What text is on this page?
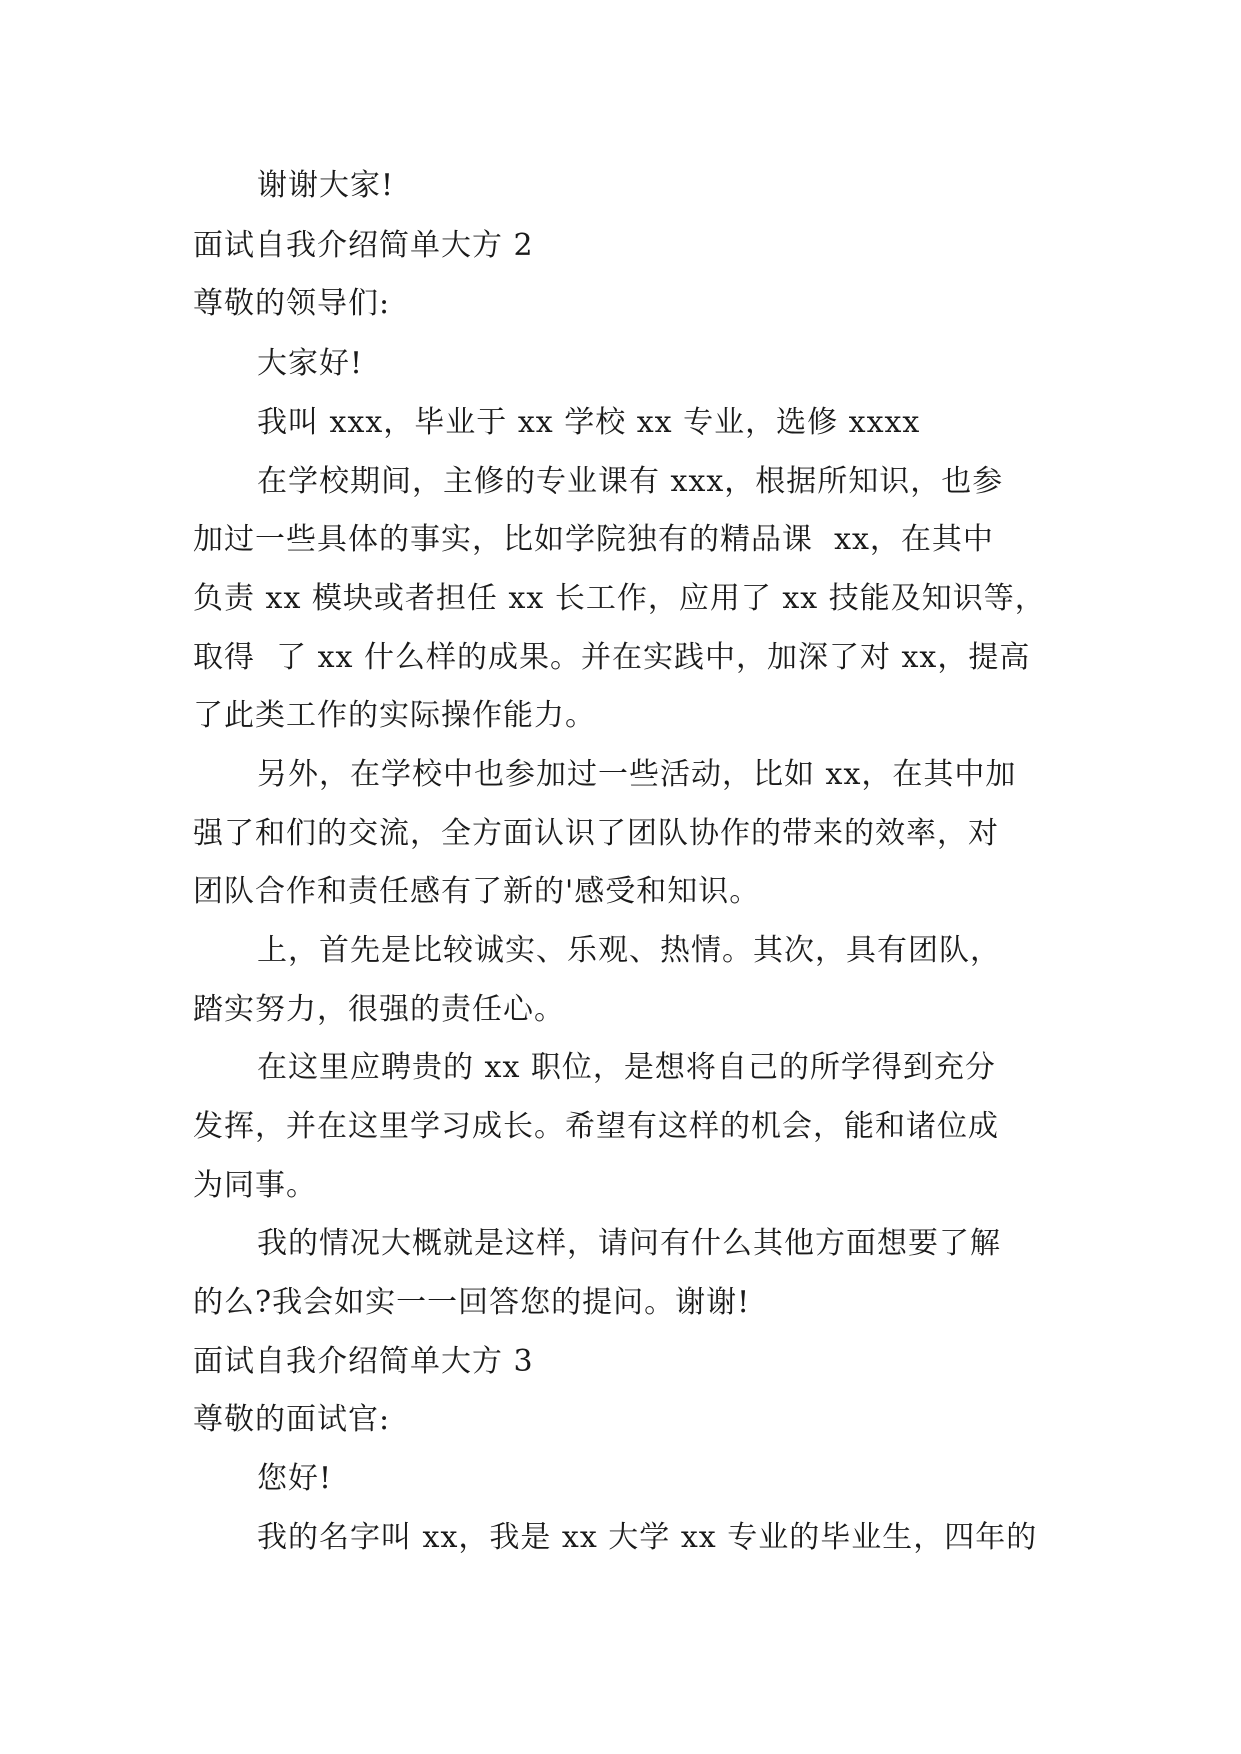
谢谢大家!
面试自我介绍简单大方 2
尊敬的领导们:
大家好!
我叫 xxx，毕业于 xx 学校 xx 专业，选修 xxxx
在学校期间，主修的专业课有 xxx，根据所知识，也参
加过一些具体的事实，比如学院独有的精品课  xx，在其中
负责 xx 模块或者担任 xx 长工作，应用了 xx 技能及知识等，
取得  了 xx 什么样的成果。并在实践中，加深了对 xx，提高
了此类工作的实际操作能力。
另外，在学校中也参加过一些活动，比如 xx，在其中加
强了和们的交流，全方面认识了团队协作的带来的效率，对
团队合作和责任感有了新的'感受和知识。
上，首先是比较诚实、乐观、热情。其次，具有团队，
踏实努力，很强的责任心。
在这里应聘贵的 xx 职位，是想将自己的所学得到充分
发挥，并在这里学习成长。希望有这样的机会，能和诸位成
为同事。
我的情况大概就是这样，请问有什么其他方面想要了解
的么?我会如实一一回答您的提问。谢谢!
面试自我介绍简单大方 3
尊敬的面试官:
您好!
我的名字叫 xx，我是 xx 大学 xx 专业的毕业生，四年的
